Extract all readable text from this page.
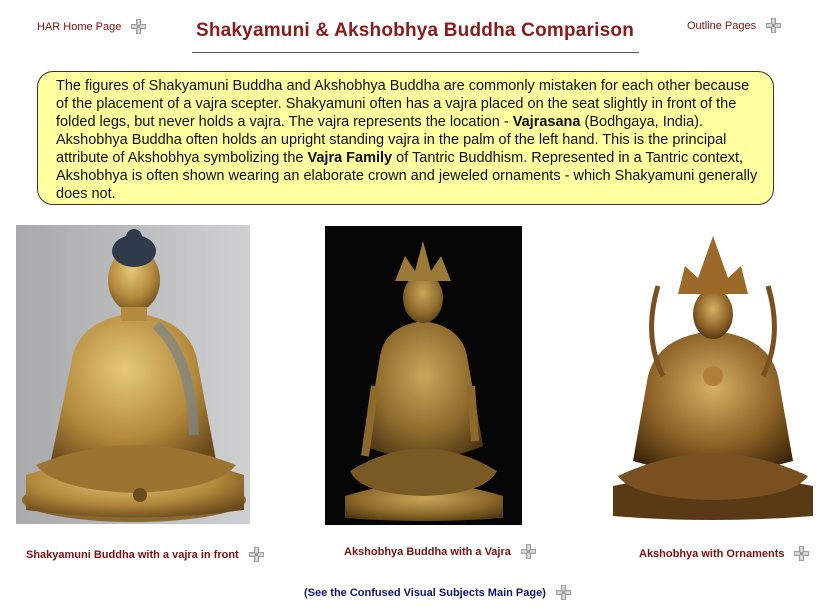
HAR Home Page	Outline Pages
Shakyamuni & Akshobhya Buddha Comparison
The figures of Shakyamuni Buddha and Akshobhya Buddha are commonly mistaken for each other because of the placement of a vajra scepter. Shakyamuni often has a vajra placed on the seat slightly in front of the folded legs, but never holds a vajra. The vajra represents the location - Vajrasana (Bodhgaya, India). Akshobhya Buddha often holds an upright standing vajra in the palm of the left hand. This is the principal attribute of Akshobhya symbolizing the Vajra Family of Tantric Buddhism. Represented in a Tantric context, Akshobhya is often shown wearing an elaborate crown and jeweled ornaments - which Shakyamuni generally does not.
Shakyamuni Buddha with a vajra in front	Akshobhya Buddha with a Vajra	Akshobhya with Ornaments
(See the Confused Visual Subjects Main Page)
